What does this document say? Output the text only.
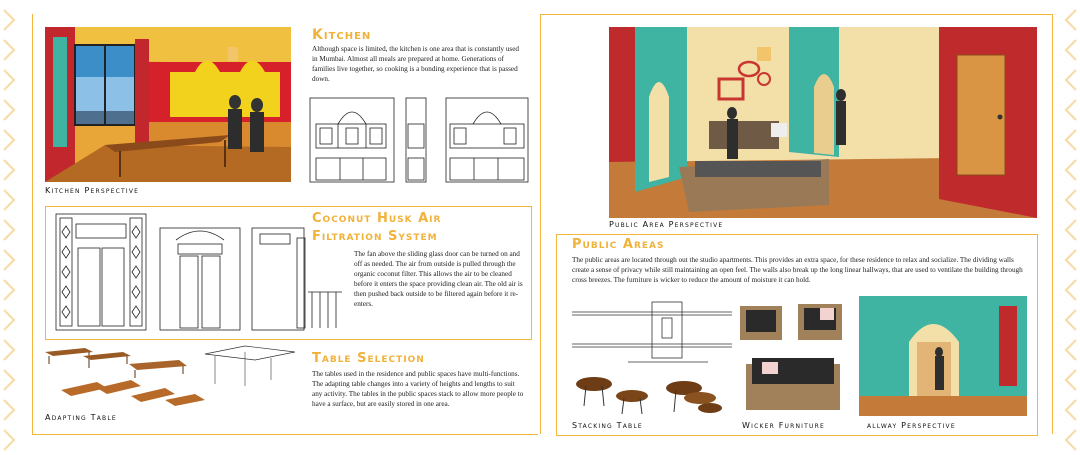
Kitchen Perspective
Kitchen

Although space is limited, the kitchen is one area that is constantly used in Mumbai. Almost all meals are prepared at home. Generations of families live together, so cooking is a bonding experience that is passed down.

Coconut Husk Air
Filtration System

The fan above the sliding glass door can be turned on and off as needed. The air from outside is pulled through the organic coconut filter. This allows the air to be cleaned before it enters the space providing clean air. The old air is then pushed back outside to be filtered again before it re-enters.

Adapting Table
Table Selection

The tables used in the residence and public spaces have multi-functions. The adapting table changes into a variety of heights and lengths to suit any activity. The tables in the public spaces stack to allow more people to have a surface, but are easily stored in one area.

Public Area Perspective
Public Areas

The public areas are located through out the studio apartments. This provides an extra space, for these residence to relax and socialize. The dividing walls create a sense of privacy while still maintaining an open feel. The walls also break up the long linear hallways, that are used to ventilate the building through cross breezes. The furniture is wicker to reduce the amount of moisture it can hold.

Stacking Table	Wicker Furniture	allway Perspective
